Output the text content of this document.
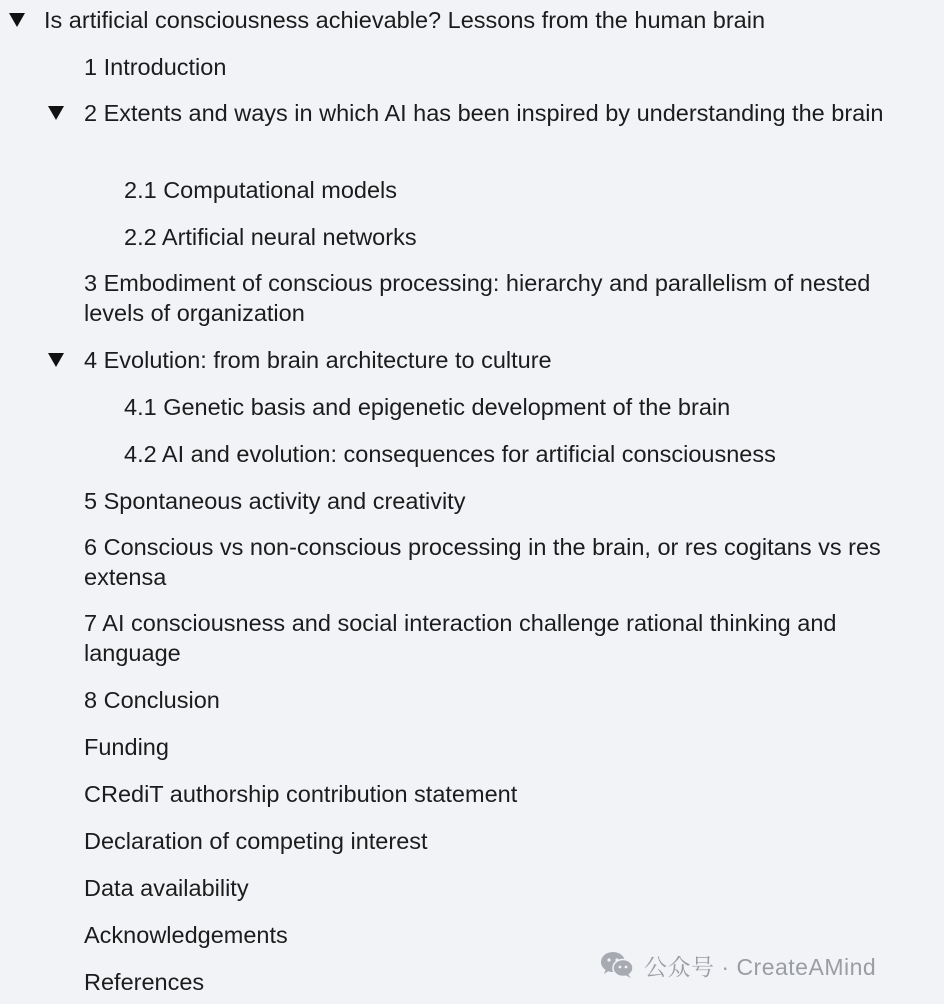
Is artificial consciousness achievable? Lessons from the human brain
1 Introduction
2 Extents and ways in which AI has been inspired by understanding the brain
2.1 Computational models
2.2 Artificial neural networks
3 Embodiment of conscious processing: hierarchy and parallelism of nested levels of organization
4 Evolution: from brain architecture to culture
4.1 Genetic basis and epigenetic development of the brain
4.2 AI and evolution: consequences for artificial consciousness
5 Spontaneous activity and creativity
6 Conscious vs non-conscious processing in the brain, or res cogitans vs res extensa
7 AI consciousness and social interaction challenge rational thinking and language
8 Conclusion
Funding
CRediT authorship contribution statement
Declaration of competing interest
Data availability
Acknowledgements
References
公众号 · CreateAMind
